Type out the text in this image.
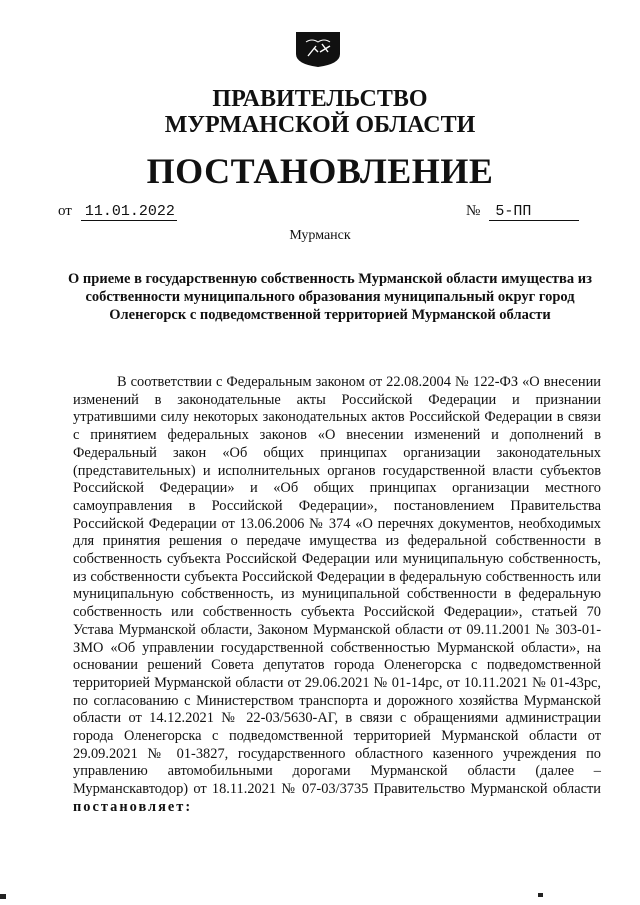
ПРАВИТЕЛЬСТВО
МУРМАНСКОЙ ОБЛАСТИ
ПОСТАНОВЛЕНИЕ
от 11.01.2022	№ 5-ПП
Мурманск
О приеме в государственную собственность Мурманской области имущества из собственности муниципального образования муниципальный округ город Оленегорск с подведомственной территорией Мурманской области

В соответствии с Федеральным законом от 22.08.2004 № 122-ФЗ «О внесении изменений в законодательные акты Российской Федерации и признании утратившими силу некоторых законодательных актов Российской Федерации в связи с принятием федеральных законов «О внесении изменений и дополнений в Федеральный закон «Об общих принципах организации законодательных (представительных) и исполнительных органов государственной власти субъектов Российской Федерации» и «Об общих принципах организации местного самоуправления в Российской Федерации», постановлением Правительства Российской Федерации от 13.06.2006 № 374 «О перечнях документов, необходимых для принятия решения о передаче имущества из федеральной собственности в собственность субъекта Российской Федерации или муниципальную собственность, из собственности субъекта Российской Федерации в федеральную собственность или муниципальную собственность, из муниципальной собственности в федеральную собственность или собственность субъекта Российской Федерации», статьей 70 Устава Мурманской области, Законом Мурманской области от 09.11.2001 № 303-01-ЗМО «Об управлении государственной собственностью Мурманской области», на основании решений Совета депутатов города Оленегорска с подведомственной территорией Мурманской области от 29.06.2021 № 01-14рс, от 10.11.2021 № 01-43рс, по согласованию с Министерством транспорта и дорожного хозяйства Мурманской области от 14.12.2021 № 22-03/5630-АГ, в связи с обращениями администрации города Оленегорска с подведомственной территорией Мурманской области от 29.09.2021 № 01-3827, государственного областного казенного учреждения по управлению автомобильными дорогами Мурманской области (далее – Мурманскавтодор) от 18.11.2021 № 07-03/3735 Правительство Мурманской области постановляет:
